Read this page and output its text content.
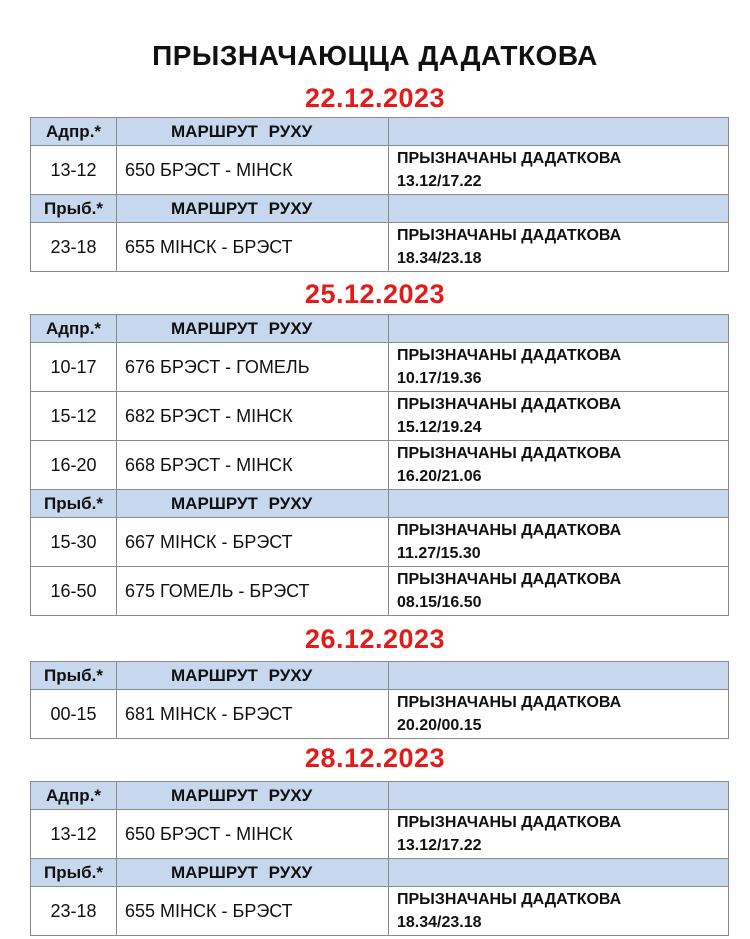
ПРЫЗНАЧАЮЦЦА ДАДАТКОВА
22.12.2023
Адпр.*	МАРШРУТ РУХУ	
13-12	650 БРЭСТ - МІНСК	ПРЫЗНАЧАНЫ ДАДАТКОВА
13.12/17.22

Прыб.*	МАРШРУТ РУХУ	
23-18	655 МІНСК - БРЭСТ	ПРЫЗНАЧАНЫ ДАДАТКОВА
18.34/23.18
25.12.2023
Адпр.*	МАРШРУТ РУХУ	
10-17	676 БРЭСТ - ГОМЕЛЬ	ПРЫЗНАЧАНЫ ДАДАТКОВА
10.17/19.36

15-12	682 БРЭСТ - МІНСК	ПРЫЗНАЧАНЫ ДАДАТКОВА
15.12/19.24

16-20	668 БРЭСТ - МІНСК	ПРЫЗНАЧАНЫ ДАДАТКОВА
16.20/21.06

Прыб.*	МАРШРУТ РУХУ	
15-30	667 МІНСК - БРЭСТ	ПРЫЗНАЧАНЫ ДАДАТКОВА
11.27/15.30

16-50	675 ГОМЕЛЬ - БРЭСТ	ПРЫЗНАЧАНЫ ДАДАТКОВА
08.15/16.50
26.12.2023
Прыб.*	МАРШРУТ РУХУ	
00-15	681 МІНСК - БРЭСТ	ПРЫЗНАЧАНЫ ДАДАТКОВА
20.20/00.15
28.12.2023
Адпр.*	МАРШРУТ РУХУ	
13-12	650 БРЭСТ - МІНСК	ПРЫЗНАЧАНЫ ДАДАТКОВА
13.12/17.22

Прыб.*	МАРШРУТ РУХУ	
23-18	655 МІНСК - БРЭСТ	ПРЫЗНАЧАНЫ ДАДАТКОВА
18.34/23.18
